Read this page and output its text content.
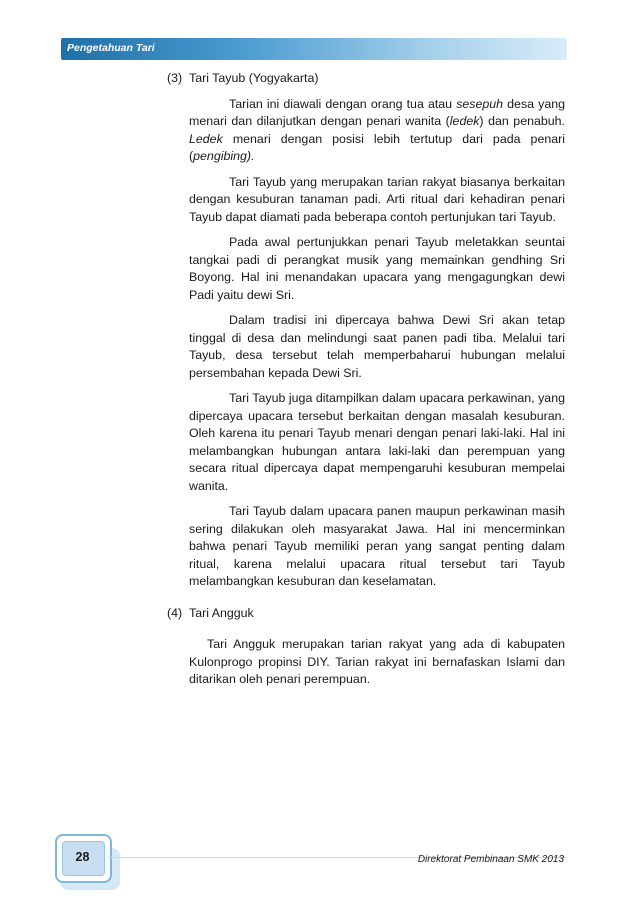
Pengetahuan Tari
(3) Tari Tayub (Yogyakarta)

Tarian ini diawali dengan orang tua atau sesepuh desa yang menari dan dilanjutkan dengan penari wanita (ledek) dan penabuh. Ledek menari dengan posisi lebih tertutup dari pada penari (pengibing).

Tari Tayub yang merupakan tarian rakyat biasanya berkaitan dengan kesuburan tanaman padi. Arti ritual dari kehadiran penari Tayub dapat diamati pada beberapa contoh pertunjukan tari Tayub.

Pada awal pertunjukkan penari Tayub meletakkan seuntai tangkai padi di perangkat musik yang memainkan gendhing Sri Boyong. Hal ini menandakan upacara yang mengagungkan dewi Padi yaitu dewi Sri.

Dalam tradisi ini dipercaya bahwa Dewi Sri akan tetap tinggal di desa dan melindungi saat panen padi tiba. Melalui tari Tayub, desa tersebut telah memperbaharui hubungan melalui persembahan kepada Dewi Sri.

Tari Tayub juga ditampilkan dalam upacara perkawinan, yang dipercaya upacara tersebut berkaitan dengan masalah kesuburan. Oleh karena itu penari Tayub menari dengan penari laki-laki. Hal ini melambangkan hubungan antara laki-laki dan perempuan yang secara ritual dipercaya dapat mempengaruhi kesuburan mempelai wanita.

Tari Tayub dalam upacara panen maupun perkawinan masih sering dilakukan oleh masyarakat Jawa. Hal ini mencerminkan bahwa penari Tayub memiliki peran yang sangat penting dalam ritual, karena melalui upacara ritual tersebut tari Tayub melambangkan kesuburan dan keselamatan.

(4) Tari Angguk

Tari Angguk merupakan tarian rakyat yang ada di kabupaten Kulonprogo propinsi DIY. Tarian rakyat ini bernafaskan Islami dan ditarikan oleh penari perempuan.

28	Direktorat Pembinaan SMK 2013
